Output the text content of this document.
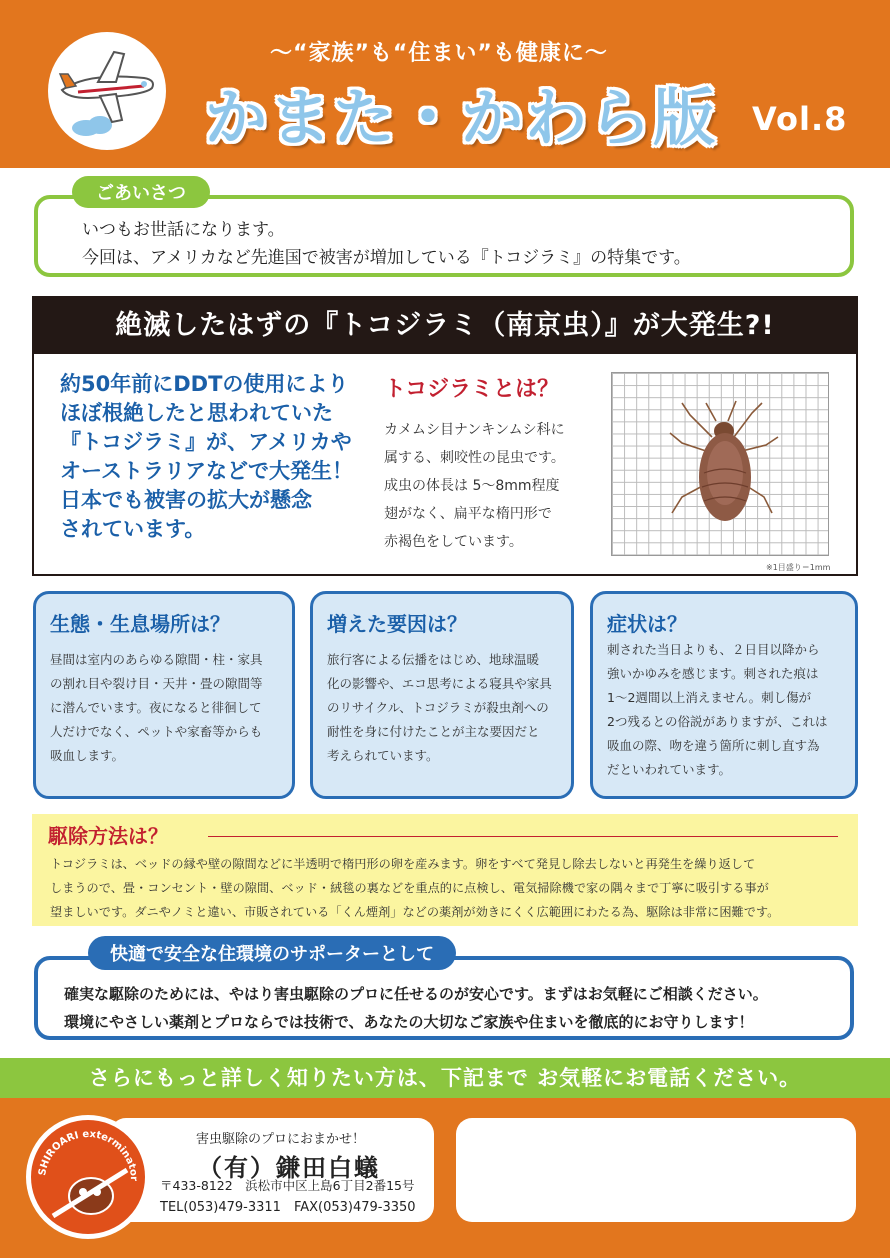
〜“家族”も“住まい”も健康に〜
かまた・かわら版 Vol.8
ごあいさつ
いつもお世話になります。
今回は、アメリカなど先進国で被害が増加している『トコジラミ』の特集です。
絶滅したはずの『トコジラミ（南京虫）』が大発生?!
約50年前にDDTの使用により
ほぼ根絶したと思われていた
『トコジラミ』が、アメリカや
オーストラリアなどで大発生！
日本でも被害の拡大が懸念
されています。
トコジラミとは？
カメムシ目ナンキンムシ科に
属する、刺咬性の昆虫です。
成虫の体長は 5〜8mm程度
翅がなく、扁平な楕円形で
赤褐色をしています。
※1目盛り＝1mm
生態・生息場所は？

昼間は室内のあらゆる隙間・柱・家具
の割れ目や裂け目・天井・畳の隙間等
に潜んでいます。夜になると徘徊して
人だけでなく、ペットや家畜等からも
吸血します。

増えた要因は？

旅行客による伝播をはじめ、地球温暖
化の影響や、エコ思考による寝具や家具
のリサイクル、トコジラミが殺虫剤への
耐性を身に付けたことが主な要因だと
考えられています。

症状は？

刺された当日よりも、２日目以降から
強いかゆみを感じます。刺された痕は
1〜2週間以上消えません。刺し傷が
2つ残るとの俗説がありますが、これは
吸血の際、吻を違う箇所に刺し直す為
だといわれています。

駆除方法は？

トコジラミは、ベッドの縁や壁の隙間などに半透明で楕円形の卵を産みます。卵をすべて発見し除去しないと再発生を繰り返して
しまうので、畳・コンセント・壁の隙間、ベッド・絨毯の裏などを重点的に点検し、電気掃除機で家の隅々まで丁寧に吸引する事が
望ましいです。ダニやノミと違い、市販されている「くん煙剤」などの薬剤が効きにくく広範囲にわたる為、駆除は非常に困難です。

快適で安全な住環境のサポーターとして
確実な駆除のためには、やはり害虫駆除のプロに任せるのが安心です。まずはお気軽にご相談ください。
環境にやさしい薬剤とプロならでは技術で、あなたの大切なご家族や住まいを徹底的にお守りします！
さらにもっと詳しく知りたい方は、下記まで お気軽にお電話ください。
SHIROARI exterminator
害虫駆除のプロにおまかせ！
（有）鎌田白蟻
〒433-8122　浜松市中区上島6丁目2番15号
TEL(053)479-3311　FAX(053)479-3350
